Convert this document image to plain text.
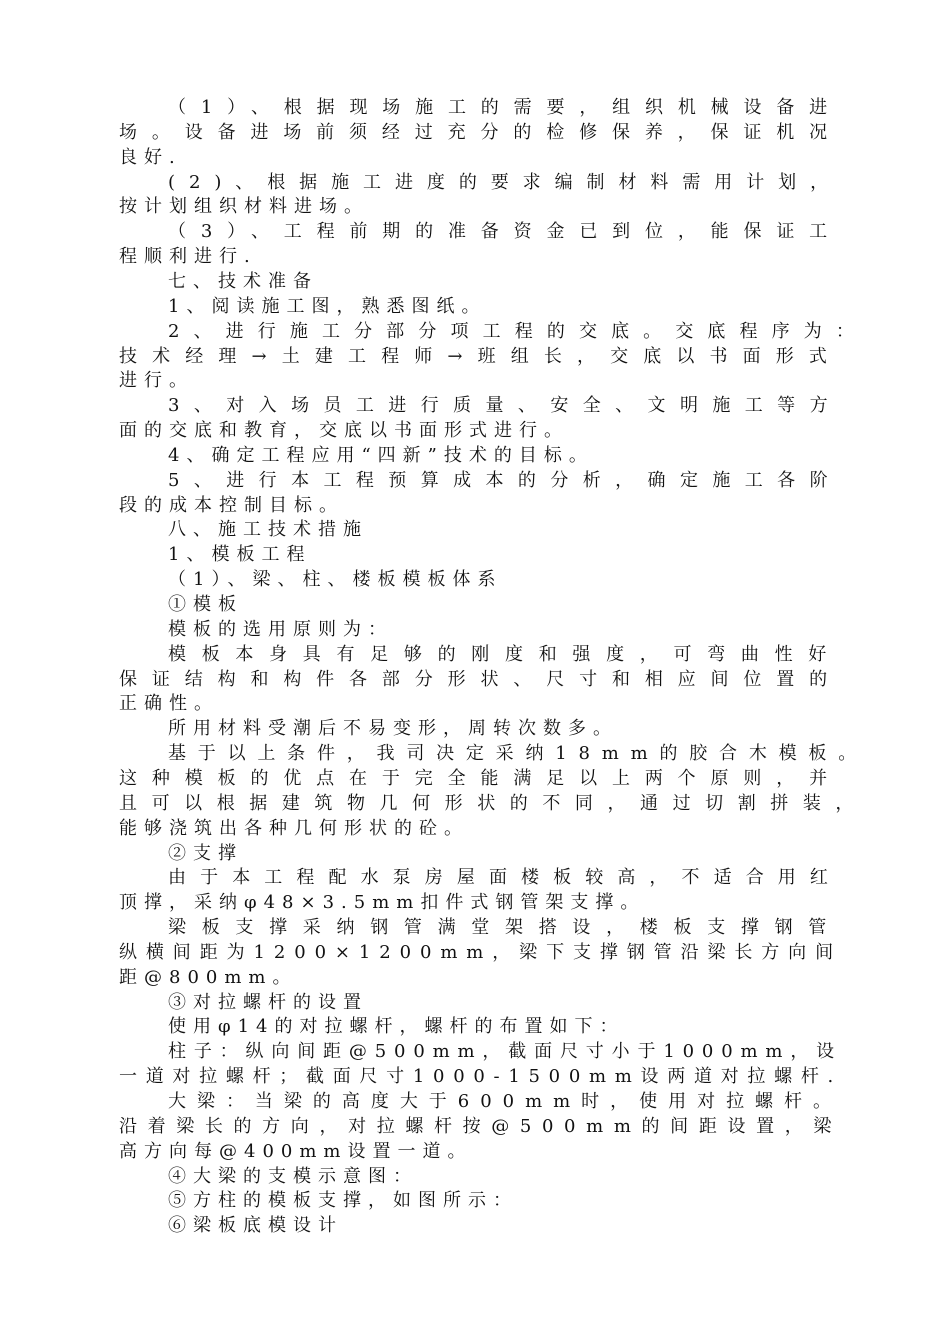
（1）、根据现场施工的需要，组织机械设备进
场。设备进场前须经过充分的检修保养，保证机况
良好.
(2)、根据施工进度的要求编制材料需用计划，
按计划组织材料进场。
（3）、工程前期的准备资金已到位，能保证工
程顺利进行.
七、技术准备
1、阅读施工图，熟悉图纸。
2、进行施工分部分项工程的交底。交底程序为：
技术经理→土建工程师→班组长，交底以书面形式
进行。
3、对入场员工进行质量、安全、文明施工等方
面的交底和教育，交底以书面形式进行。
4、确定工程应用“四新”技术的目标。
5、进行本工程预算成本的分析，确定施工各阶
段的成本控制目标。
八、施工技术措施
1、模板工程
（1）、梁、柱、楼板模板体系
①模板
模板的选用原则为：
模板本身具有足够的刚度和强度，可弯曲性好
保证结构和构件各部分形状、尺寸和相应间位置的
正确性。
所用材料受潮后不易变形，周转次数多。
基于以上条件，我司决定采纳18mm的胶合木模板。
这种模板的优点在于完全能满足以上两个原则，并
且可以根据建筑物几何形状的不同，通过切割拼装，
能够浇筑出各种几何形状的砼。
②支撑
由于本工程配水泵房屋面楼板较高，不适合用红
顶撑，采纳φ48×3.5mm扣件式钢管架支撑。
梁板支撑采纳钢管满堂架搭设，楼板支撑钢管
纵横间距为1200×1200mm，梁下支撑钢管沿梁长方向间
距@800mm。
③对拉螺杆的设置
使用φ14的对拉螺杆，螺杆的布置如下：
柱子：纵向间距@500mm，截面尺寸小于1000mm，设
一道对拉螺杆；截面尺寸1000-1500mm设两道对拉螺杆.
大梁：当梁的高度大于600mm时，使用对拉螺杆。
沿着梁长的方向，对拉螺杆按@500mm的间距设置，梁
高方向每@400mm设置一道。
④大梁的支模示意图：
⑤方柱的模板支撑，如图所示：
⑥梁板底模设计
